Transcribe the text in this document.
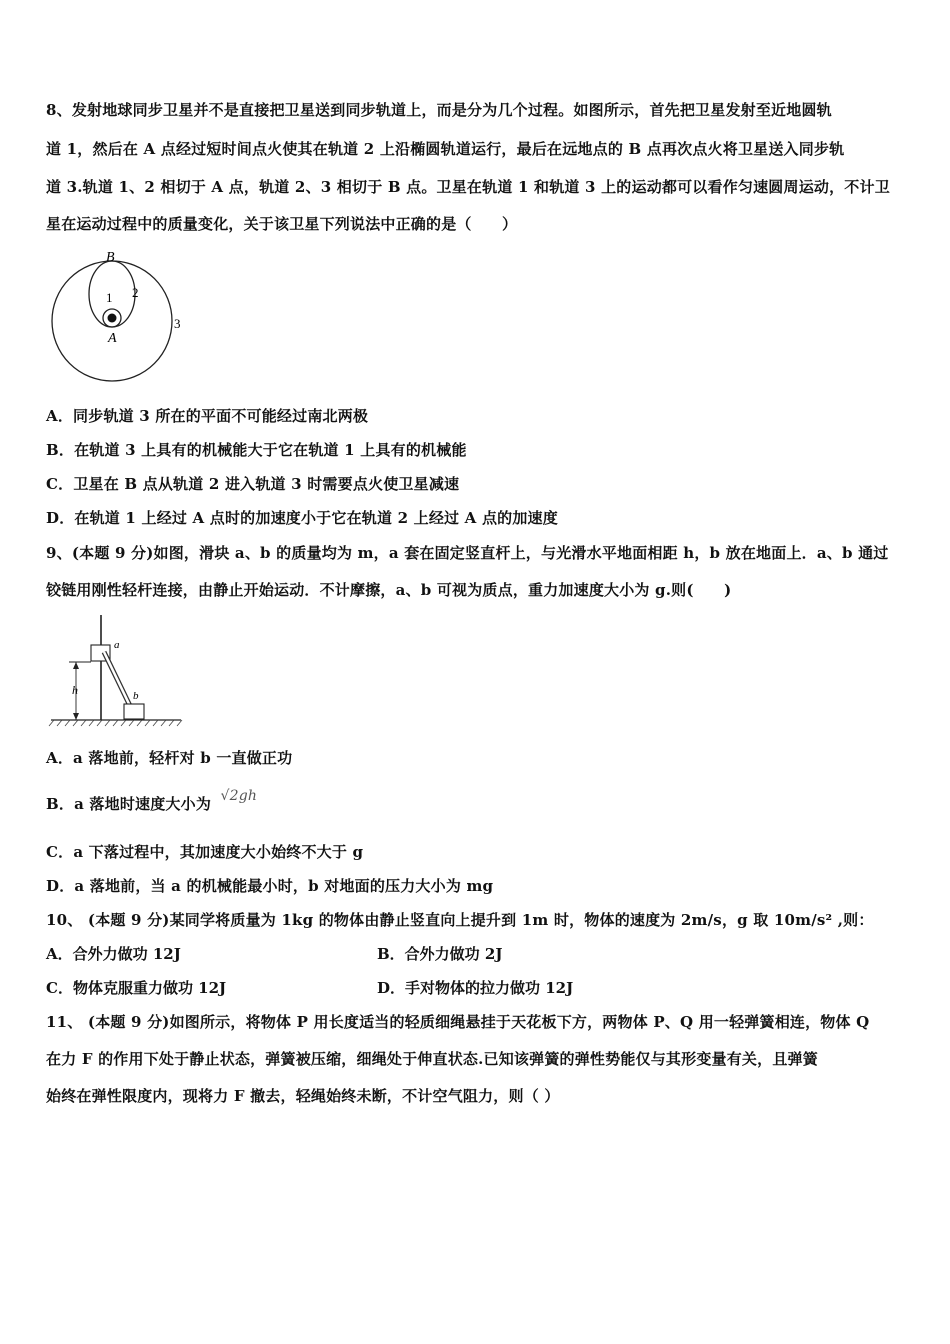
8、发射地球同步卫星并不是直接把卫星送到同步轨道上，而是分为几个过程。如图所示，首先把卫星发射至近地圆轨
道 1，然后在 A 点经过短时间点火使其在轨道 2 上沿椭圆轨道运行，最后在远地点的 B 点再次点火将卫星送入同步轨
道 3.轨道 1、2 相切于 A 点，轨道 2、3 相切于 B 点。卫星在轨道 1 和轨道 3 上的运动都可以看作匀速圆周运动，不计卫
星在运动过程中的质量变化，关于该卫星下列说法中正确的是（　　）
B
1 2
A
3
A．同步轨道 3 所在的平面不可能经过南北两极
B．在轨道 3 上具有的机械能大于它在轨道 1 上具有的机械能
C．卫星在 B 点从轨道 2 进入轨道 3 时需要点火使卫星减速
D．在轨道 1 上经过 A 点时的加速度小于它在轨道 2 上经过 A 点的加速度
9、(本题 9 分)如图，滑块 a、b 的质量均为 m，a 套在固定竖直杆上，与光滑水平地面相距 h，b 放在地面上．a、b 通过
铰链用刚性轻杆连接，由静止开始运动．不计摩擦，a、b 可视为质点，重力加速度大小为 g.则(　　)
h
a
b
A．a 落地前，轻杆对 b 一直做正功
B．a 落地时速度大小为 √2gh
C．a 下落过程中，其加速度大小始终不大于 g
D．a 落地前，当 a 的机械能最小时，b 对地面的压力大小为 mg
10、 (本题 9 分)某同学将质量为 1kg 的物体由静止竖直向上提升到 1m 时，物体的速度为 2m/s，g 取 10m/s² ,则：
A．合外力做功 12J	B．合外力做功 2J
C．物体克服重力做功 12J	D．手对物体的拉力做功 12J
11、 (本题 9 分)如图所示，将物体 P 用长度适当的轻质细绳悬挂于天花板下方，两物体 P、Q 用一轻弹簧相连，物体 Q
在力 F 的作用下处于静止状态，弹簧被压缩，细绳处于伸直状态.已知该弹簧的弹性势能仅与其形变量有关，且弹簧
始终在弹性限度内，现将力 F 撤去，轻绳始终未断，不计空气阻力，则（ ）
